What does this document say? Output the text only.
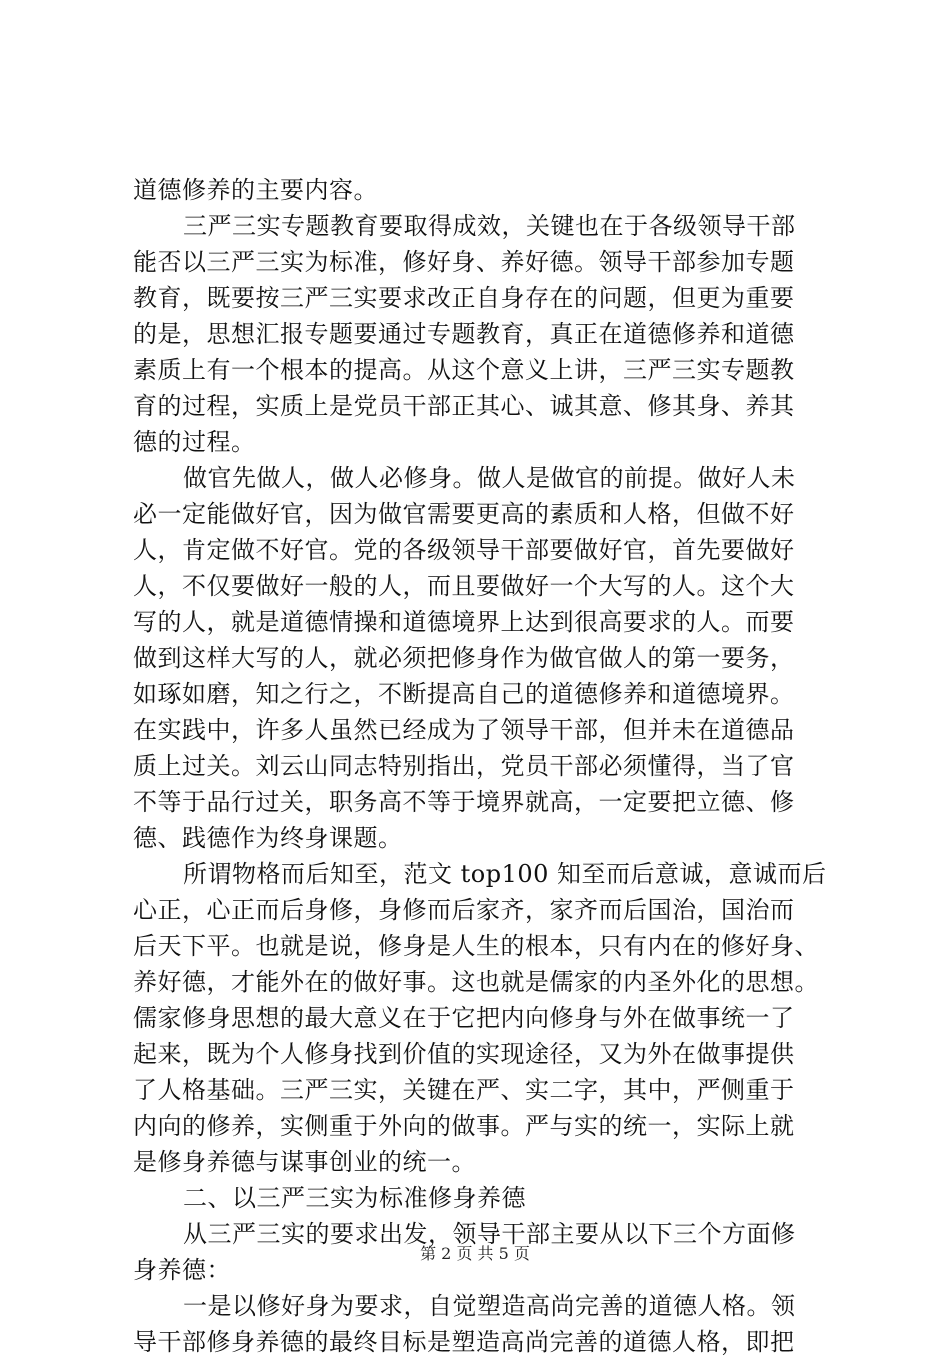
道德修养的主要内容。
三严三实专题教育要取得成效，关键也在于各级领导干部
能否以三严三实为标准，修好身、养好德。领导干部参加专题
教育，既要按三严三实要求改正自身存在的问题，但更为重要
的是，思想汇报专题要通过专题教育，真正在道德修养和道德
素质上有一个根本的提高。从这个意义上讲，三严三实专题教
育的过程，实质上是党员干部正其心、诚其意、修其身、养其
德的过程。
做官先做人，做人必修身。做人是做官的前提。做好人未
必一定能做好官，因为做官需要更高的素质和人格，但做不好
人，肯定做不好官。党的各级领导干部要做好官，首先要做好
人，不仅要做好一般的人，而且要做好一个大写的人。这个大
写的人，就是道德情操和道德境界上达到很高要求的人。而要
做到这样大写的人，就必须把修身作为做官做人的第一要务，
如琢如磨，知之行之，不断提高自己的道德修养和道德境界。
在实践中，许多人虽然已经成为了领导干部，但并未在道德品
质上过关。刘云山同志特别指出，党员干部必须懂得，当了官
不等于品行过关，职务高不等于境界就高，一定要把立德、修
德、践德作为终身课题。
所谓物格而后知至，范文 top100 知至而后意诚，意诚而后
心正，心正而后身修，身修而后家齐，家齐而后国治，国治而
后天下平。也就是说，修身是人生的根本，只有内在的修好身、
养好德，才能外在的做好事。这也就是儒家的内圣外化的思想。
儒家修身思想的最大意义在于它把内向修身与外在做事统一了
起来，既为个人修身找到价值的实现途径，又为外在做事提供
了人格基础。三严三实，关键在严、实二字，其中，严侧重于
内向的修养，实侧重于外向的做事。严与实的统一，实际上就
是修身养德与谋事创业的统一。
二、以三严三实为标准修身养德
从三严三实的要求出发，领导干部主要从以下三个方面修
身养德：
一是以修好身为要求，自觉塑造高尚完善的道德人格。领
导干部修身养德的最终目标是塑造高尚完善的道德人格，即把
第 2 页 共 5 页
